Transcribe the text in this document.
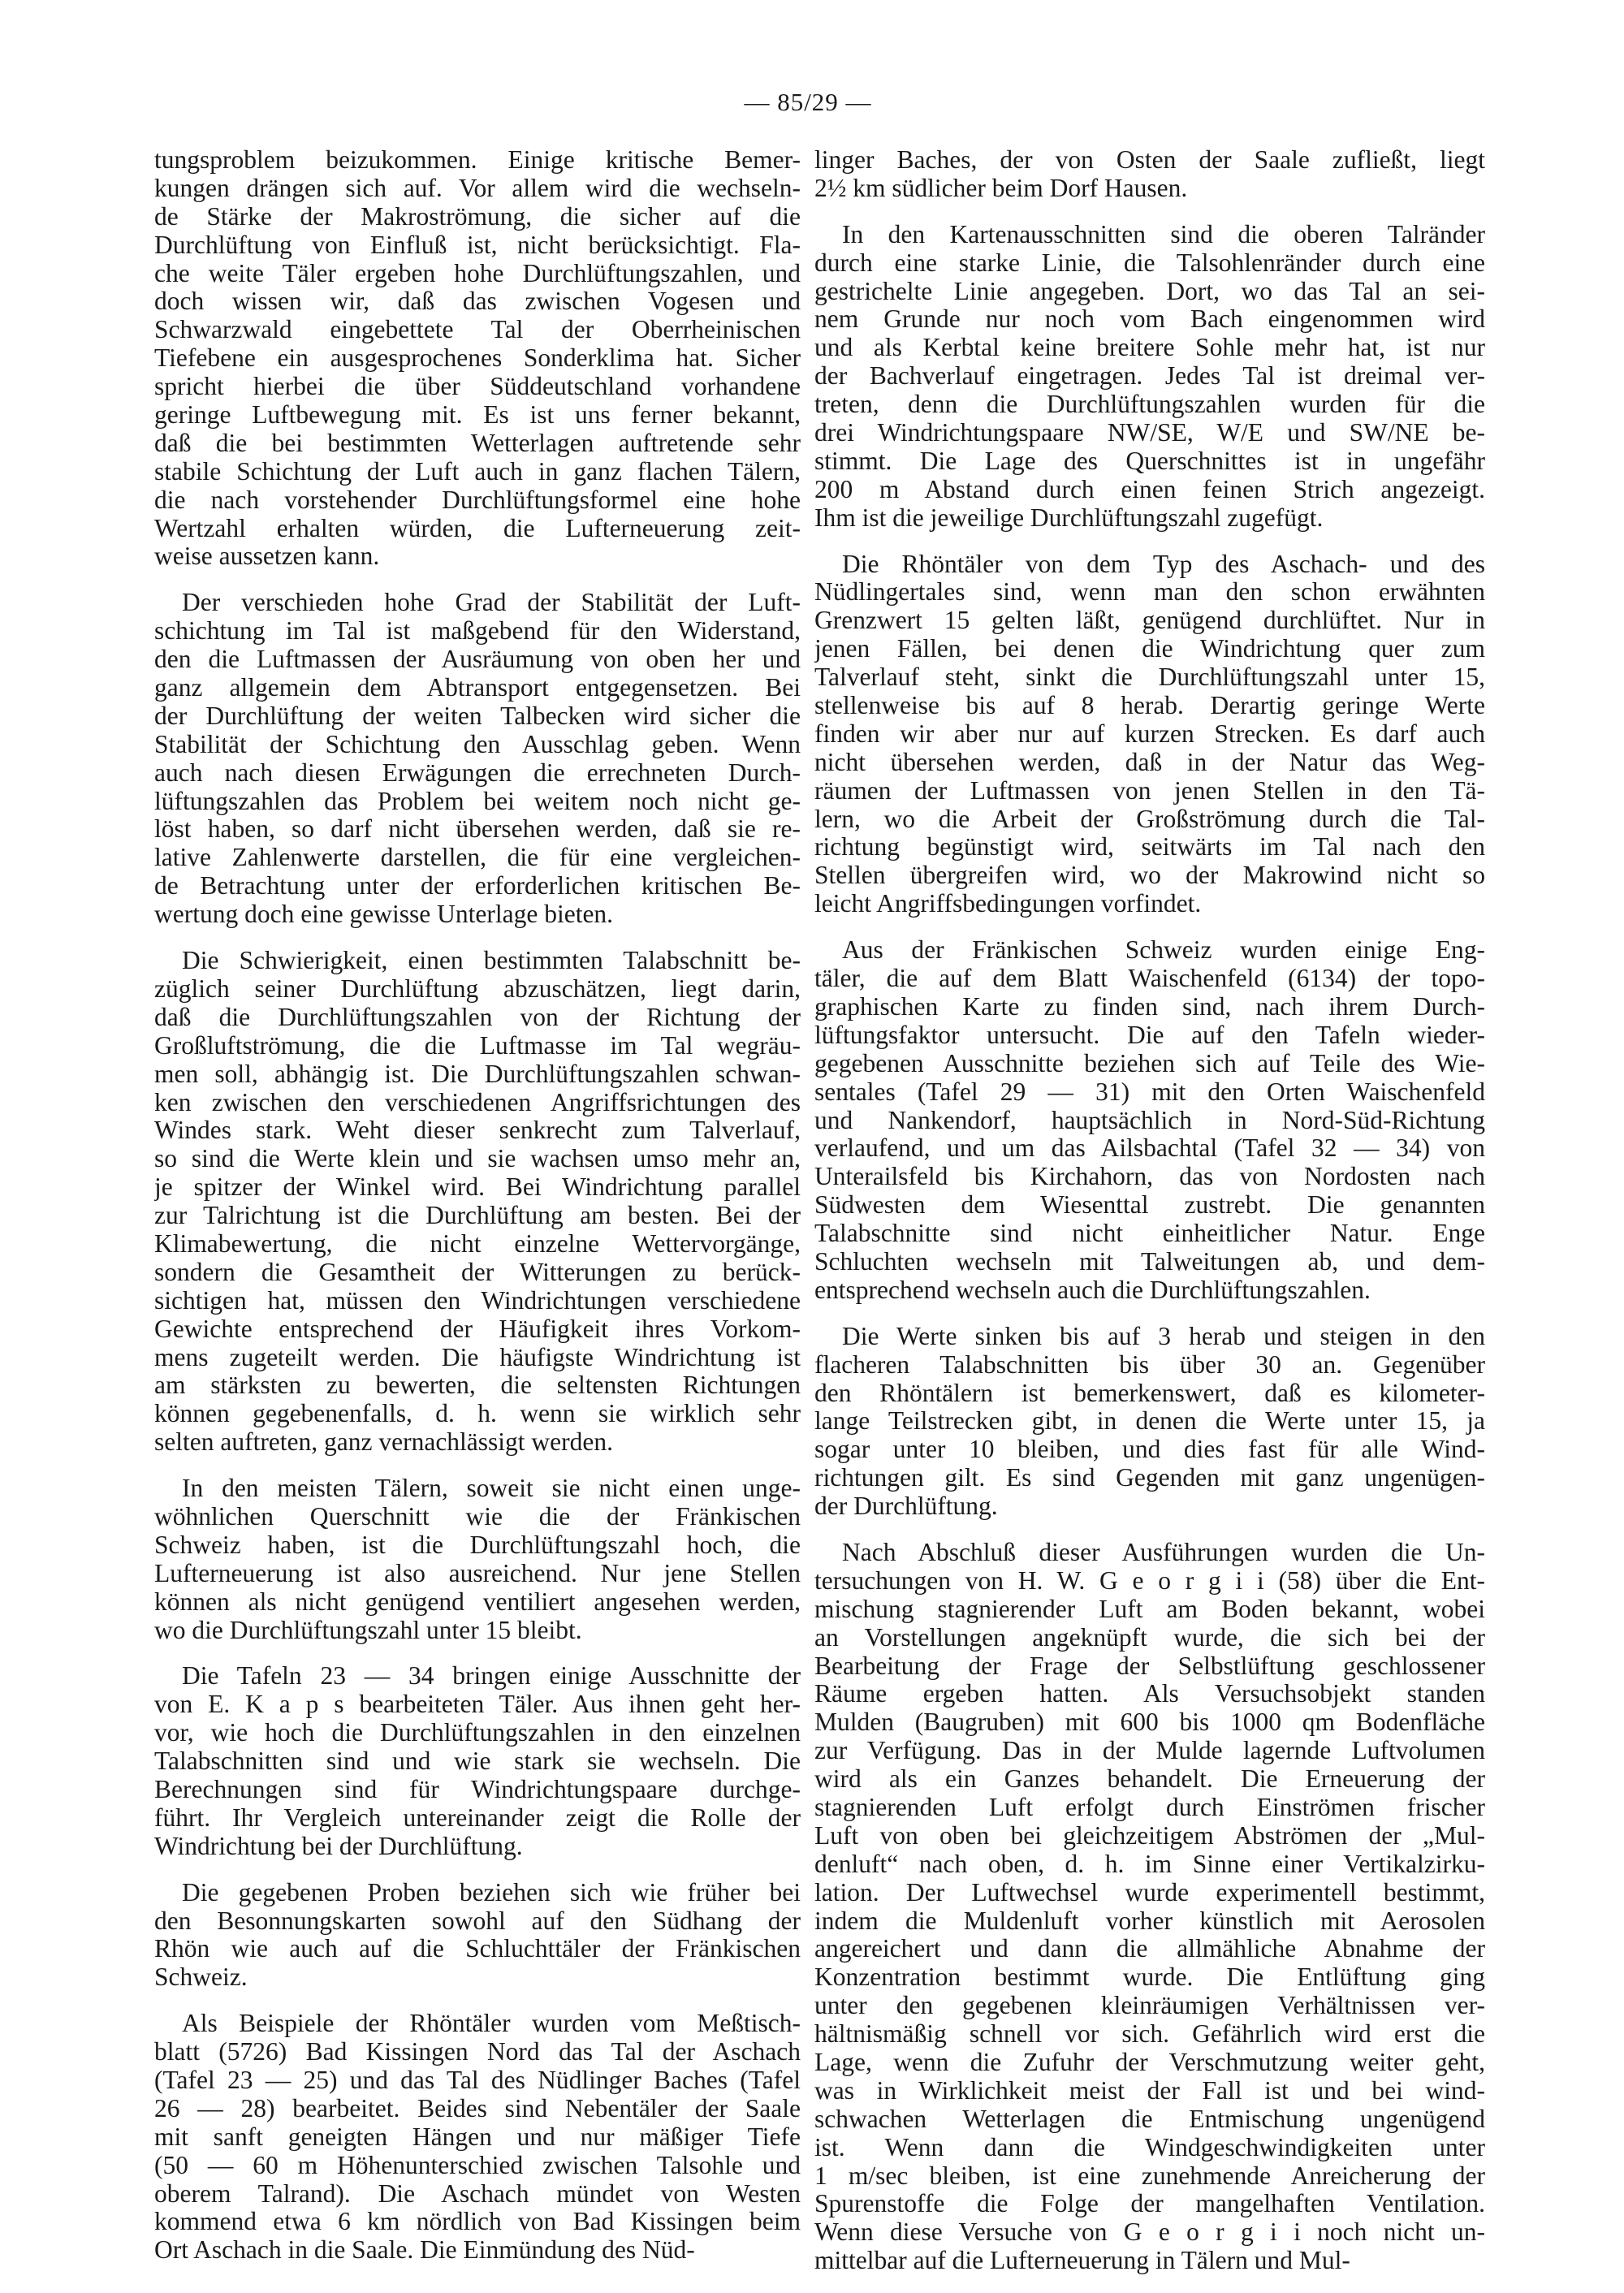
— 85/29 —
tungsproblem beizukommen. Einige kritische Bemer-
kungen drängen sich auf. Vor allem wird die wechseln-
de Stärke der Makroströmung, die sicher auf die
Durchlüftung von Einfluß ist, nicht berücksichtigt. Fla-
che weite Täler ergeben hohe Durchlüftungszahlen, und
doch wissen wir, daß das zwischen Vogesen und
Schwarzwald eingebettete Tal der Oberrheinischen
Tiefebene ein ausgesprochenes Sonderklima hat. Sicher
spricht hierbei die über Süddeutschland vorhandene
geringe Luftbewegung mit. Es ist uns ferner bekannt,
daß die bei bestimmten Wetterlagen auftretende sehr
stabile Schichtung der Luft auch in ganz flachen Tälern,
die nach vorstehender Durchlüftungsformel eine hohe
Wertzahl erhalten würden, die Lufterneuerung zeit-
weise aussetzen kann.
Der verschieden hohe Grad der Stabilität der Luft-
schichtung im Tal ist maßgebend für den Widerstand,
den die Luftmassen der Ausräumung von oben her und
ganz allgemein dem Abtransport entgegensetzen. Bei
der Durchlüftung der weiten Talbecken wird sicher die
Stabilität der Schichtung den Ausschlag geben. Wenn
auch nach diesen Erwägungen die errechneten Durch-
lüftungszahlen das Problem bei weitem noch nicht ge-
löst haben, so darf nicht übersehen werden, daß sie re-
lative Zahlenwerte darstellen, die für eine vergleichen-
de Betrachtung unter der erforderlichen kritischen Be-
wertung doch eine gewisse Unterlage bieten.
Die Schwierigkeit, einen bestimmten Talabschnitt be-
züglich seiner Durchlüftung abzuschätzen, liegt darin,
daß die Durchlüftungszahlen von der Richtung der
Großluftströmung, die die Luftmasse im Tal wegräu-
men soll, abhängig ist. Die Durchlüftungszahlen schwan-
ken zwischen den verschiedenen Angriffsrichtungen des
Windes stark. Weht dieser senkrecht zum Talverlauf,
so sind die Werte klein und sie wachsen umso mehr an,
je spitzer der Winkel wird. Bei Windrichtung parallel
zur Talrichtung ist die Durchlüftung am besten. Bei der
Klimabewertung, die nicht einzelne Wettervorgänge,
sondern die Gesamtheit der Witterungen zu berück-
sichtigen hat, müssen den Windrichtungen verschiedene
Gewichte entsprechend der Häufigkeit ihres Vorkom-
mens zugeteilt werden. Die häufigste Windrichtung ist
am stärksten zu bewerten, die seltensten Richtungen
können gegebenenfalls, d. h. wenn sie wirklich sehr
selten auftreten, ganz vernachlässigt werden.
In den meisten Tälern, soweit sie nicht einen unge-
wöhnlichen Querschnitt wie die der Fränkischen
Schweiz haben, ist die Durchlüftungszahl hoch, die
Lufterneuerung ist also ausreichend. Nur jene Stellen
können als nicht genügend ventiliert angesehen werden,
wo die Durchlüftungszahl unter 15 bleibt.
Die Tafeln 23 — 34 bringen einige Ausschnitte der
von E. K a p s bearbeiteten Täler. Aus ihnen geht her-
vor, wie hoch die Durchlüftungszahlen in den einzelnen
Talabschnitten sind und wie stark sie wechseln. Die
Berechnungen sind für Windrichtungspaare durchge-
führt. Ihr Vergleich untereinander zeigt die Rolle der
Windrichtung bei der Durchlüftung.
Die gegebenen Proben beziehen sich wie früher bei
den Besonnungskarten sowohl auf den Südhang der
Rhön wie auch auf die Schluchttäler der Fränkischen
Schweiz.
Als Beispiele der Rhöntäler wurden vom Meßtisch-
blatt (5726) Bad Kissingen Nord das Tal der Aschach
(Tafel 23 — 25) und das Tal des Nüdlinger Baches (Tafel
26 — 28) bearbeitet. Beides sind Nebentäler der Saale
mit sanft geneigten Hängen und nur mäßiger Tiefe
(50 — 60 m Höhenunterschied zwischen Talsohle und
oberem Talrand). Die Aschach mündet von Westen
kommend etwa 6 km nördlich von Bad Kissingen beim
Ort Aschach in die Saale. Die Einmündung des Nüd-
linger Baches, der von Osten der Saale zufließt, liegt
2½ km südlicher beim Dorf Hausen.
In den Kartenausschnitten sind die oberen Talränder
durch eine starke Linie, die Talsohlenränder durch eine
gestrichelte Linie angegeben. Dort, wo das Tal an sei-
nem Grunde nur noch vom Bach eingenommen wird
und als Kerbtal keine breitere Sohle mehr hat, ist nur
der Bachverlauf eingetragen. Jedes Tal ist dreimal ver-
treten, denn die Durchlüftungszahlen wurden für die
drei Windrichtungspaare NW/SE, W/E und SW/NE be-
stimmt. Die Lage des Querschnittes ist in ungefähr
200 m Abstand durch einen feinen Strich angezeigt.
Ihm ist die jeweilige Durchlüftungszahl zugefügt.
Die Rhöntäler von dem Typ des Aschach- und des
Nüdlingertales sind, wenn man den schon erwähnten
Grenzwert 15 gelten läßt, genügend durchlüftet. Nur in
jenen Fällen, bei denen die Windrichtung quer zum
Talverlauf steht, sinkt die Durchlüftungszahl unter 15,
stellenweise bis auf 8 herab. Derartig geringe Werte
finden wir aber nur auf kurzen Strecken. Es darf auch
nicht übersehen werden, daß in der Natur das Weg-
räumen der Luftmassen von jenen Stellen in den Tä-
lern, wo die Arbeit der Großströmung durch die Tal-
richtung begünstigt wird, seitwärts im Tal nach den
Stellen übergreifen wird, wo der Makrowind nicht so
leicht Angriffsbedingungen vorfindet.
Aus der Fränkischen Schweiz wurden einige Eng-
täler, die auf dem Blatt Waischenfeld (6134) der topo-
graphischen Karte zu finden sind, nach ihrem Durch-
lüftungsfaktor untersucht. Die auf den Tafeln wieder-
gegebenen Ausschnitte beziehen sich auf Teile des Wie-
sentales (Tafel 29 — 31) mit den Orten Waischenfeld
und Nankendorf, hauptsächlich in Nord-Süd-Richtung
verlaufend, und um das Ailsbachtal (Tafel 32 — 34) von
Unterailsfeld bis Kirchahorn, das von Nordosten nach
Südwesten dem Wiesenttal zustrebt. Die genannten
Talabschnitte sind nicht einheitlicher Natur. Enge
Schluchten wechseln mit Talweitungen ab, und dem-
entsprechend wechseln auch die Durchlüftungszahlen.
Die Werte sinken bis auf 3 herab und steigen in den
flacheren Talabschnitten bis über 30 an. Gegenüber
den Rhöntälern ist bemerkenswert, daß es kilometer-
lange Teilstrecken gibt, in denen die Werte unter 15, ja
sogar unter 10 bleiben, und dies fast für alle Wind-
richtungen gilt. Es sind Gegenden mit ganz ungenügen-
der Durchlüftung.
Nach Abschluß dieser Ausführungen wurden die Un-
tersuchungen von H. W. G e o r g i i (58) über die Ent-
mischung stagnierender Luft am Boden bekannt, wobei
an Vorstellungen angeknüpft wurde, die sich bei der
Bearbeitung der Frage der Selbstlüftung geschlossener
Räume ergeben hatten. Als Versuchsobjekt standen
Mulden (Baugruben) mit 600 bis 1000 qm Bodenfläche
zur Verfügung. Das in der Mulde lagernde Luftvolumen
wird als ein Ganzes behandelt. Die Erneuerung der
stagnierenden Luft erfolgt durch Einströmen frischer
Luft von oben bei gleichzeitigem Abströmen der „Mul-
denluft“ nach oben, d. h. im Sinne einer Vertikalzirku-
lation. Der Luftwechsel wurde experimentell bestimmt,
indem die Muldenluft vorher künstlich mit Aerosolen
angereichert und dann die allmähliche Abnahme der
Konzentration bestimmt wurde. Die Entlüftung ging
unter den gegebenen kleinräumigen Verhältnissen ver-
hältnismäßig schnell vor sich. Gefährlich wird erst die
Lage, wenn die Zufuhr der Verschmutzung weiter geht,
was in Wirklichkeit meist der Fall ist und bei wind-
schwachen Wetterlagen die Entmischung ungenügend
ist. Wenn dann die Windgeschwindigkeiten unter
1 m/sec bleiben, ist eine zunehmende Anreicherung der
Spurenstoffe die Folge der mangelhaften Ventilation.
Wenn diese Versuche von G e o r g i i noch nicht un-
mittelbar auf die Lufterneuerung in Tälern und Mul-
